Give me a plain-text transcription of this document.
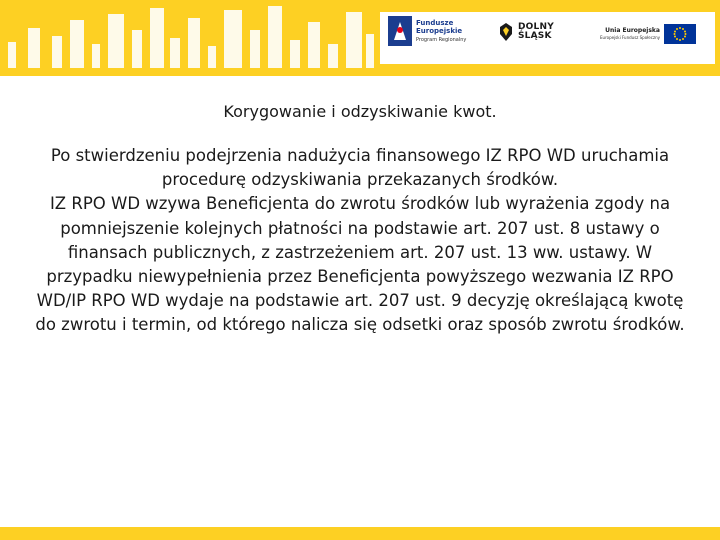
Fundusze
Europejskie
Program Regionalny
DOLNY
ŚLĄSK
Unia Europejska
Europejski Fundusz Społeczny

Korygowanie i odzyskiwanie kwot.

Po stwierdzeniu podejrzenia nadużycia finansowego IZ RPO WD uruchamia procedurę odzyskiwania przekazanych środków.

IZ RPO WD wzywa Beneficjenta do zwrotu środków lub wyrażenia zgody na pomniejszenie kolejnych płatności na podstawie art. 207 ust. 8 ustawy o finansach publicznych, z zastrzeżeniem art. 207 ust. 13 ww. ustawy. W przypadku niewypełnienia przez Beneficjenta powyższego wezwania IZ RPO WD/IP RPO WD wydaje na podstawie art. 207 ust. 9 decyzję określającą kwotę do zwrotu i termin, od którego nalicza się odsetki oraz sposób zwrotu środków.
